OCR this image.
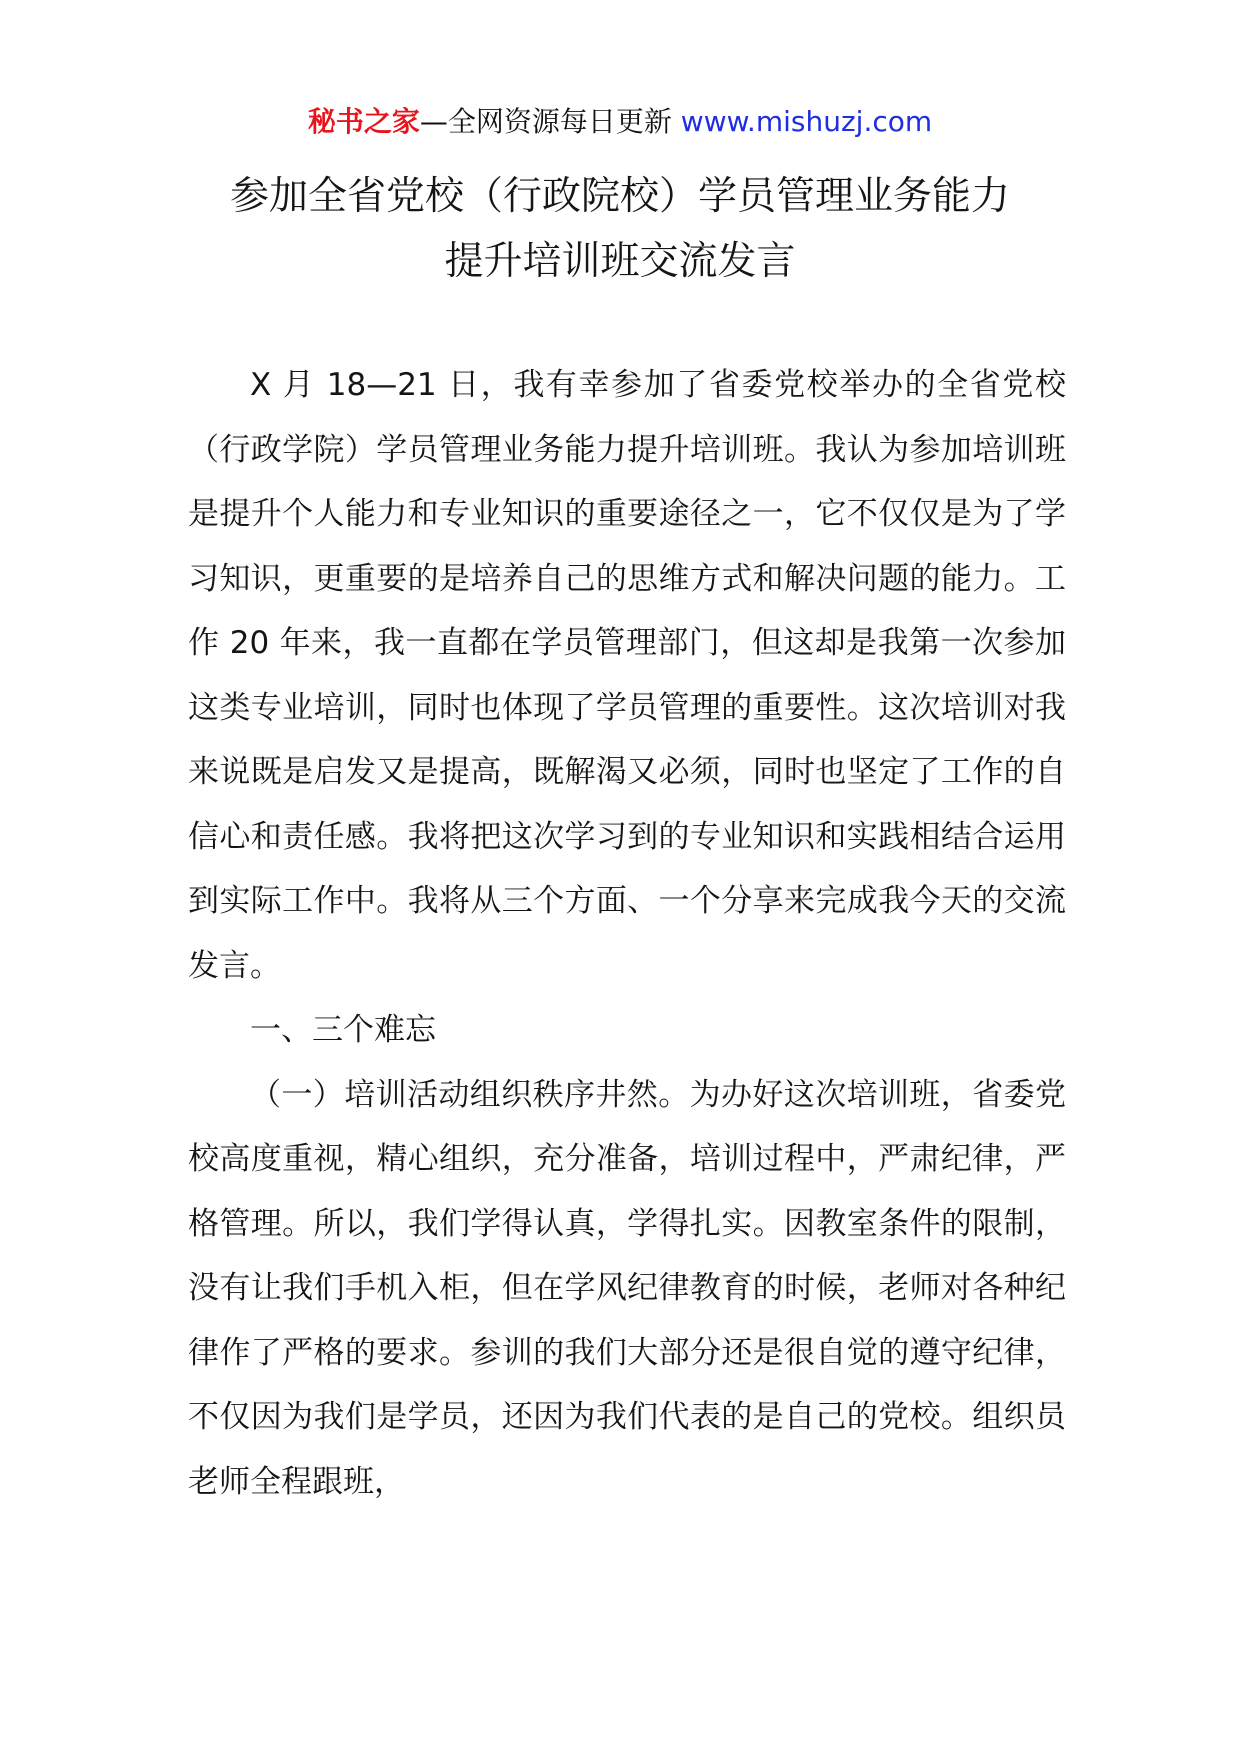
秘书之家—全网资源每日更新 www.mishuzj.com
参加全省党校（行政院校）学员管理业务能力
提升培训班交流发言

X 月 18—21 日，我有幸参加了省委党校举办的全省党校（行政学院）学员管理业务能力提升培训班。我认为参加培训班是提升个人能力和专业知识的重要途径之一，它不仅仅是为了学习知识，更重要的是培养自己的思维方式和解决问题的能力。工作 20 年来，我一直都在学员管理部门，但这却是我第一次参加这类专业培训，同时也体现了学员管理的重要性。这次培训对我来说既是启发又是提高，既解渴又必须，同时也坚定了工作的自信心和责任感。我将把这次学习到的专业知识和实践相结合运用到实际工作中。我将从三个方面、一个分享来完成我今天的交流发言。

一、三个难忘

（一）培训活动组织秩序井然。为办好这次培训班，省委党校高度重视，精心组织，充分准备，培训过程中，严肃纪律，严格管理。所以，我们学得认真，学得扎实。因教室条件的限制，没有让我们手机入柜，但在学风纪律教育的时候，老师对各种纪律作了严格的要求。参训的我们大部分还是很自觉的遵守纪律，不仅因为我们是学员，还因为我们代表的是自己的党校。组织员老师全程跟班，
